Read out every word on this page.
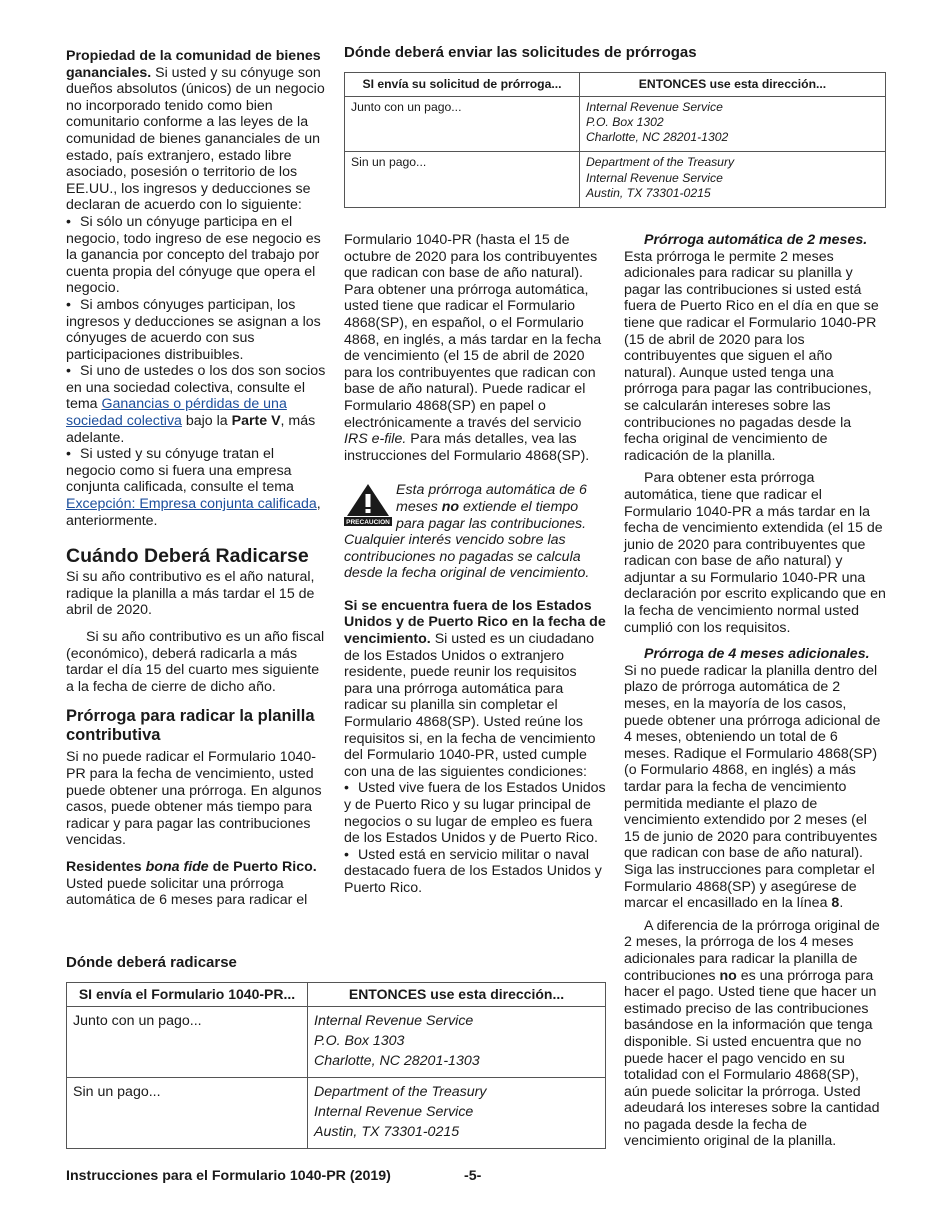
Propiedad de la comunidad de bienes gananciales. Si usted y su cónyuge son dueños absolutos (únicos) de un negocio no incorporado tenido como bien comunitario conforme a las leyes de la comunidad de bienes gananciales de un estado, país extranjero, estado libre asociado, posesión o territorio de los EE.UU., los ingresos y deducciones se declaran de acuerdo con lo siguiente:

• Si sólo un cónyuge participa en el negocio, todo ingreso de ese negocio es la ganancia por concepto del trabajo por cuenta propia del cónyuge que opera el negocio.
• Si ambos cónyuges participan, los ingresos y deducciones se asignan a los cónyuges de acuerdo con sus participaciones distribuibles.
• Si uno de ustedes o los dos son socios en una sociedad colectiva, consulte el tema Ganancias o pérdidas de una sociedad colectiva bajo la Parte V, más adelante.
• Si usted y su cónyuge tratan el negocio como si fuera una empresa conjunta calificada, consulte el tema Excepción: Empresa conjunta calificada, anteriormente.
Cuándo Deberá Radicarse

Si su año contributivo es el año natural, radique la planilla a más tardar el 15 de abril de 2020.

Si su año contributivo es un año fiscal (económico), deberá radicarla a más tardar el día 15 del cuarto mes siguiente a la fecha de cierre de dicho año.

Prórroga para radicar la planilla contributiva

Si no puede radicar el Formulario 1040-PR para la fecha de vencimiento, usted puede obtener una prórroga. En algunos casos, puede obtener más tiempo para radicar y para pagar las contribuciones vencidas.

Residentes bona fide de Puerto Rico. Usted puede solicitar una prórroga automática de 6 meses para radicar el

Dónde deberá enviar las solicitudes de prórrogas
SI envía su solicitud de prórroga...	ENTONCES use esta dirección...
Junto con un pago...	Internal Revenue Service
P.O. Box 1302
Charlotte, NC 28201-1302

Sin un pago...	Department of the Treasury
Internal Revenue Service
Austin, TX 73301-0215

Formulario 1040-PR (hasta el 15 de octubre de 2020 para los contribuyentes que radican con base de año natural). Para obtener una prórroga automática, usted tiene que radicar el Formulario 4868(SP), en español, o el Formulario 4868, en inglés, a más tardar en la fecha de vencimiento (el 15 de abril de 2020 para los contribuyentes que radican con base de año natural). Puede radicar el Formulario 4868(SP) en papel o electrónicamente a través del servicio IRS e-file. Para más detalles, vea las instrucciones del Formulario 4868(SP).

PRECAUCION
Esta prórroga automática de 6 meses no extiende el tiempo para pagar las contribuciones. Cualquier interés vencido sobre las contribuciones no pagadas se calcula desde la fecha original de vencimiento.

Si se encuentra fuera de los Estados Unidos y de Puerto Rico en la fecha de vencimiento. Si usted es un ciudadano de los Estados Unidos o extranjero residente, puede reunir los requisitos para una prórroga automática para radicar su planilla sin completar el Formulario 4868(SP). Usted reúne los requisitos si, en la fecha de vencimiento del Formulario 1040-PR, usted cumple con una de las siguientes condiciones:

• Usted vive fuera de los Estados Unidos y de Puerto Rico y su lugar principal de negocios o su lugar de empleo es fuera de los Estados Unidos y de Puerto Rico.
• Usted está en servicio militar o naval destacado fuera de los Estados Unidos y Puerto Rico.

Prórroga automática de 2 meses.

Esta prórroga le permite 2 meses adicionales para radicar su planilla y pagar las contribuciones si usted está fuera de Puerto Rico en el día en que se tiene que radicar el Formulario 1040-PR (15 de abril de 2020 para los contribuyentes que siguen el año natural). Aunque usted tenga una prórroga para pagar las contribuciones, se calcularán intereses sobre las contribuciones no pagadas desde la fecha original de vencimiento de radicación de la planilla.

Para obtener esta prórroga automática, tiene que radicar el Formulario 1040-PR a más tardar en la fecha de vencimiento extendida (el 15 de junio de 2020 para contribuyentes que radican con base de año natural) y adjuntar a su Formulario 1040-PR una declaración por escrito explicando que en la fecha de vencimiento normal usted cumplió con los requisitos.

Prórroga de 4 meses adicionales.

Si no puede radicar la planilla dentro del plazo de prórroga automática de 2 meses, en la mayoría de los casos, puede obtener una prórroga adicional de 4 meses, obteniendo un total de 6 meses. Radique el Formulario 4868(SP) (o Formulario 4868, en inglés) a más tardar para la fecha de vencimiento permitida mediante el plazo de vencimiento extendido por 2 meses (el 15 de junio de 2020 para contribuyentes que radican con base de año natural). Siga las instrucciones para completar el Formulario 4868(SP) y asegúrese de marcar el encasillado en la línea 8.

A diferencia de la prórroga original de 2 meses, la prórroga de los 4 meses adicionales para radicar la planilla de contribuciones no es una prórroga para hacer el pago. Usted tiene que hacer un estimado preciso de las contribuciones basándose en la información que tenga disponible. Si usted encuentra que no puede hacer el pago vencido en su totalidad con el Formulario 4868(SP), aún puede solicitar la prórroga. Usted adeudará los intereses sobre la cantidad no pagada desde la fecha de vencimiento original de la planilla.

Dónde deberá radicarse
SI envía el Formulario 1040-PR...	ENTONCES use esta dirección...
Junto con un pago...	Internal Revenue Service
P.O. Box 1303
Charlotte, NC 28201-1303

Sin un pago...	Department of the Treasury
Internal Revenue Service
Austin, TX 73301-0215
Instrucciones para el Formulario 1040-PR (2019)	-5-
